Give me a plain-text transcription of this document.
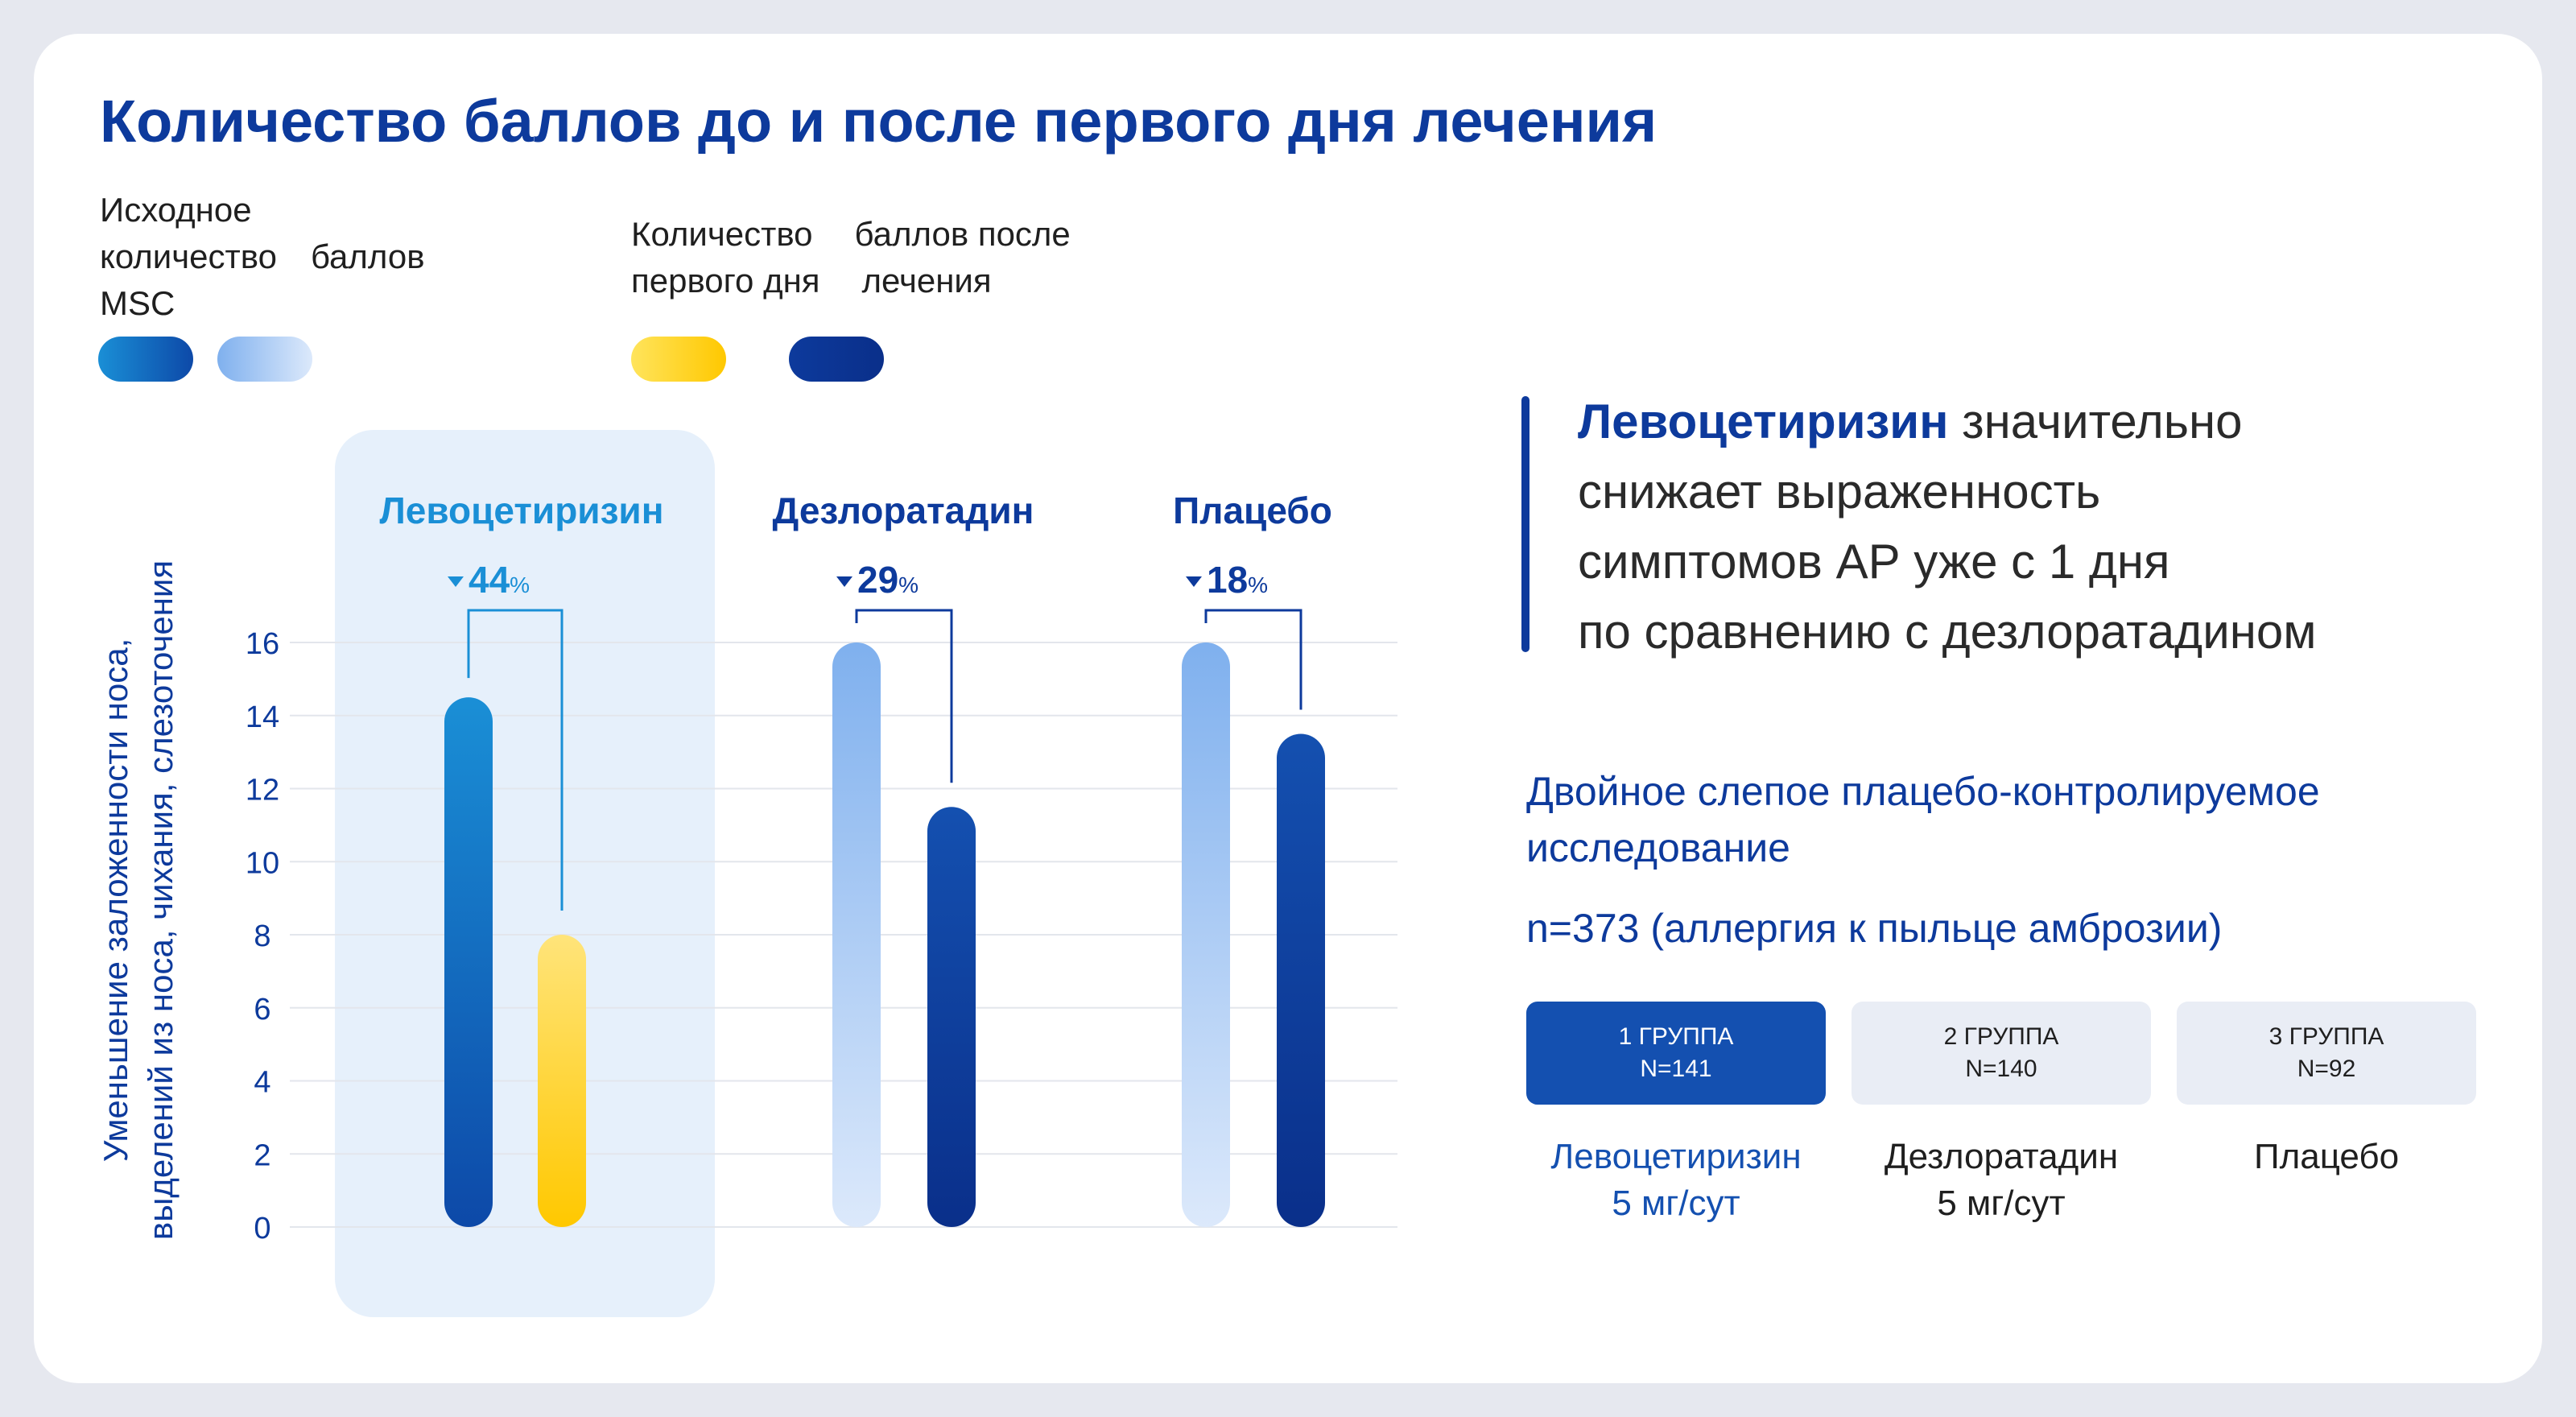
Количество баллов до и после первого дня лечения
Исходное
количество баллов
MSC
Количество баллов после
первого дня лечения
0
2
4
6
8
10
12
14
16
Уменьшение заложенности носа, выделений из носа, чихания, слезоточения
Левоцетиризин
44%
Дезлоратадин
29%
Плацебо
18%
Левоцетиризин значительно
снижает выраженность
симптомов АР уже с 1 дня
по сравнению с дезлоратадином
Двойное слепое плацебо-контролируемое
исследование
n=373 (аллергия к пыльце амброзии)
1 ГРУППА
N=141
2 ГРУППА
N=140
3 ГРУППА
N=92
Левоцетиризин
5 мг/сут
Дезлоратадин
5 мг/сут
Плацебо
